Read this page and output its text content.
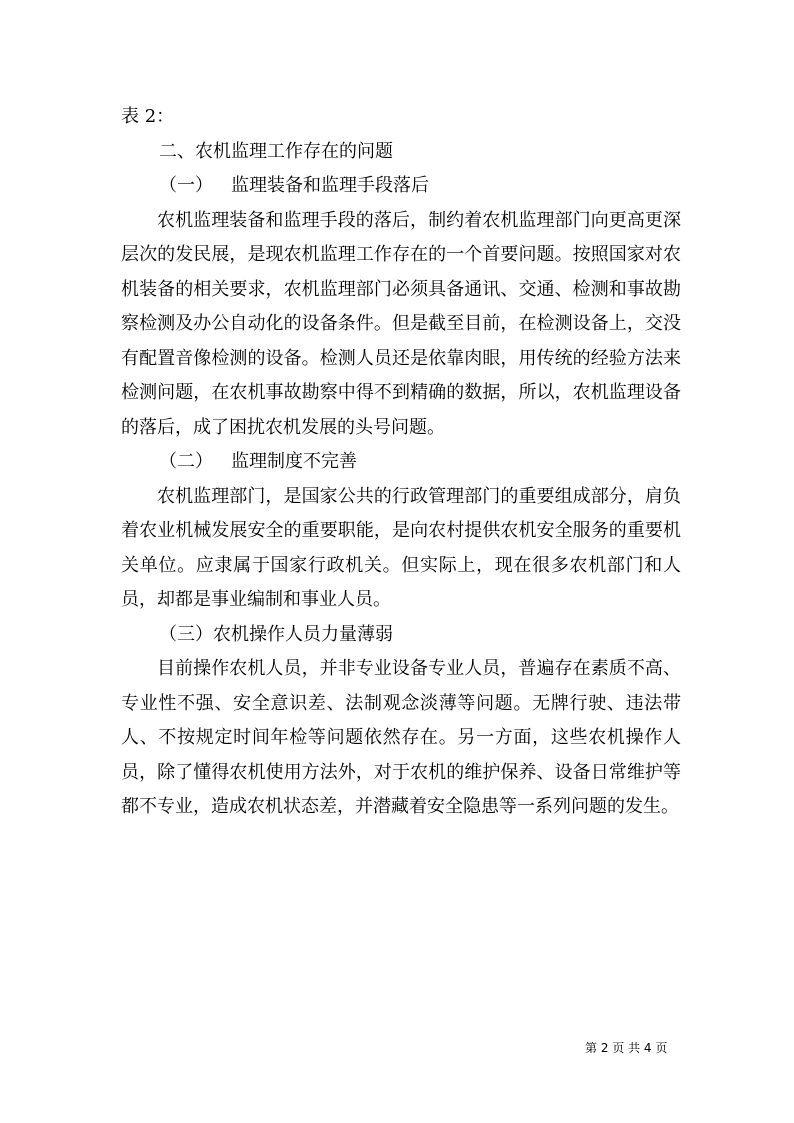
表 2：

二、农机监理工作存在的问题

（一） 监理装备和监理手段落后

农机监理装备和监理手段的落后，制约着农机监理部门向更高更深层次的发民展，是现农机监理工作存在的一个首要问题。按照国家对农机装备的相关要求，农机监理部门必须具备通讯、交通、检测和事故勘察检测及办公自动化的设备条件。但是截至目前，在检测设备上，交没有配置音像检测的设备。检测人员还是依靠肉眼，用传统的经验方法来检测问题，在农机事故勘察中得不到精确的数据，所以，农机监理设备的落后，成了困扰农机发展的头号问题。

（二） 监理制度不完善

农机监理部门，是国家公共的行政管理部门的重要组成部分，肩负着农业机械发展安全的重要职能，是向农村提供农机安全服务的重要机关单位。应隶属于国家行政机关。但实际上，现在很多农机部门和人员，却都是事业编制和事业人员。

（三）农机操作人员力量薄弱

目前操作农机人员，并非专业设备专业人员，普遍存在素质不高、专业性不强、安全意识差、法制观念淡薄等问题。无牌行驶、违法带人、不按规定时间年检等问题依然存在。另一方面，这些农机操作人员，除了懂得农机使用方法外，对于农机的维护保养、设备日常维护等都不专业，造成农机状态差，并潜藏着安全隐患等一系列问题的发生。

第 2 页 共 4 页
